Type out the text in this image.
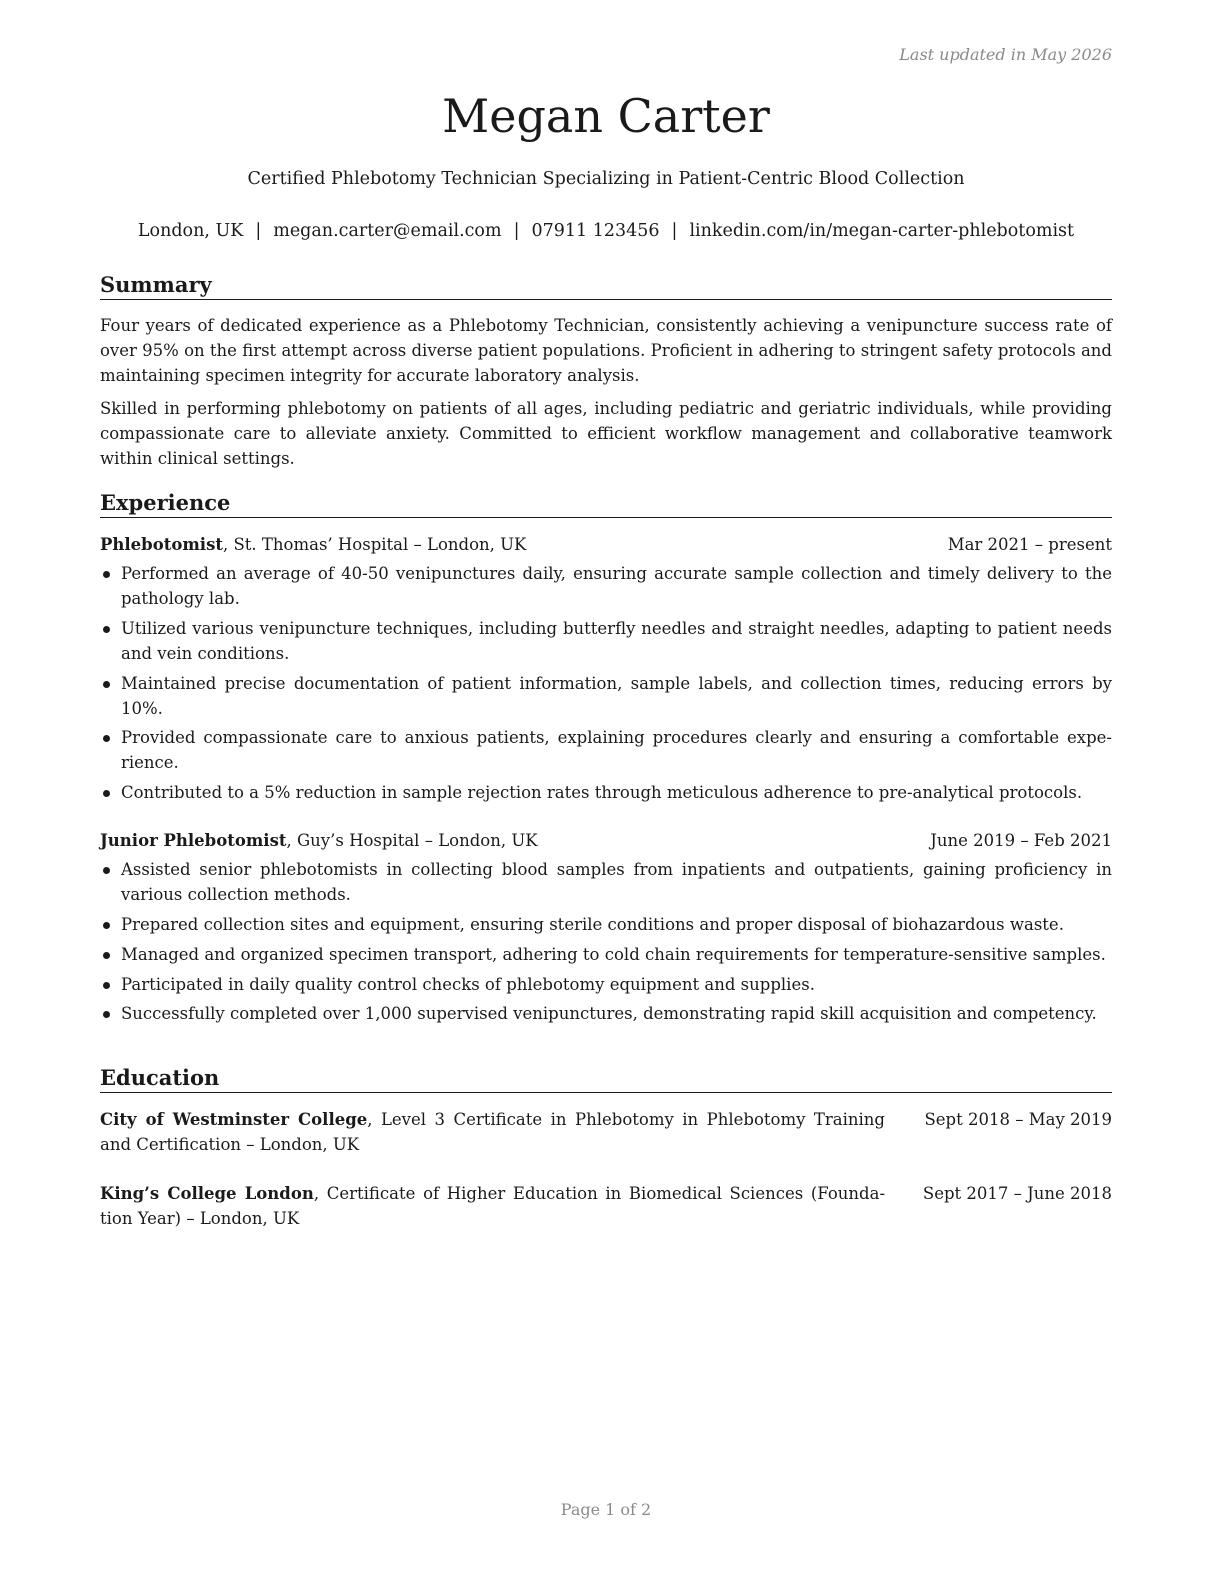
Last updated in May 2026
Megan Carter
Certified Phlebotomy Technician Specializing in Patient-Centric Blood Collection
London, UK | megan.carter@email.com | 07911 123456 | linkedin.com/in/megan-carter-phlebotomist
Summary

Four years of dedicated experience as a Phlebotomy Technician, consistently achieving a venipuncture success rate of over 95% on the first attempt across diverse patient populations. Proficient in adhering to stringent safety protocols and maintaining specimen integrity for accurate laboratory analysis.

Skilled in performing phlebotomy on patients of all ages, including pediatric and geriatric individuals, while providing compassionate care to alleviate anxiety. Committed to efficient workflow management and collaborative teamwork within clinical settings.

Experience
Phlebotomist, St. Thomas’ Hospital – London, UK	Mar 2021 – present
Performed an average of 40-50 venipunctures daily, ensuring accurate sample collection and timely delivery to the pathology lab.
Utilized various venipuncture techniques, including butterfly needles and straight needles, adapting to patient needs and vein conditions.
Maintained precise documentation of patient information, sample labels, and collection times, reducing errors by 10%.
Provided compassionate care to anxious patients, explaining procedures clearly and ensuring a comfortable experience.
Contributed to a 5% reduction in sample rejection rates through meticulous adherence to pre-analytical protocols.
Junior Phlebotomist, Guy’s Hospital – London, UK	June 2019 – Feb 2021
Assisted senior phlebotomists in collecting blood samples from inpatients and outpatients, gaining proficiency in various collection methods.
Prepared collection sites and equipment, ensuring sterile conditions and proper disposal of biohazardous waste.
Managed and organized specimen transport, adhering to cold chain requirements for temperature-sensitive samples.
Participated in daily quality control checks of phlebotomy equipment and supplies.
Successfully completed over 1,000 supervised venipunctures, demonstrating rapid skill acquisition and competency.
Education
City of Westminster College, Level 3 Certificate in Phlebotomy in Phlebotomy Training and Certification – London, UK
Sept 2018 – May 2019
King’s College London, Certificate of Higher Education in Biomedical Sciences (Foundation Year) – London, UK
Sept 2017 – June 2018
Page 1 of 2
